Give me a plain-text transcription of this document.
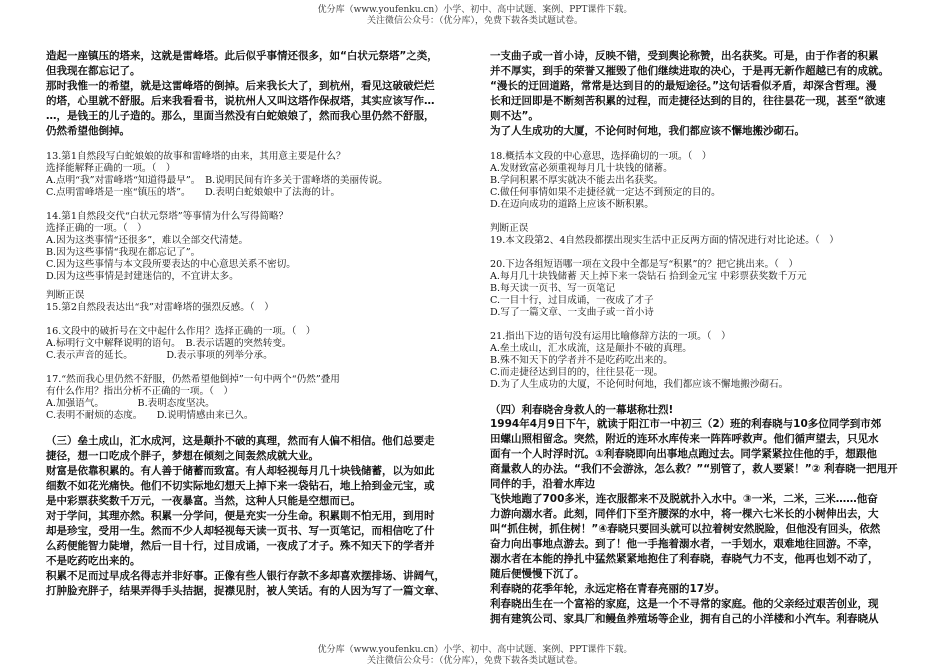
优分库（www.youfenku.cn）小学、初中、高中试题、案例、PPT课件下载。
关注微信公众号：（优分库），免费下载各类试题试卷。

造起一座镇压的塔来，这就是雷峰塔。此后似乎事情还很多，如“白状元祭塔”之类，

但我现在都忘记了。

那时我惟一的希望，就是这雷峰塔的倒掉。后来我长大了，到杭州，看见这破破烂烂

的塔，心里就不舒服。后来我看看书，说杭州人又叫这塔作保叔塔，其实应该写作…

…，是钱王的儿子造的。那么，里面当然没有白蛇娘娘了，然而我心里仍然不舒服，

仍然希望他倒掉。

13.第1自然段写白蛇娘娘的故事和雷峰塔的由来，其用意主要是什么？

选择能解释正确的一项。（　）

A.点明“我”对雷峰塔“知道得最早”。　B.说明民间有许多关于雷峰塔的美丽传说。

C.点明雷峰塔是一座“镇压的塔”。　　D.表明白蛇娘娘中了法海的计。

14.第1自然段交代“白状元祭塔”等事情为什么写得简略？

选择正确的一项。（　）

A.因为这类事情“还很多”，难以全部交代清楚。

B.因为这些事情“我现在都忘记了”。

C.因为这些事情与本文段所要表达的中心意思关系不密切。

D.因为这些事情是封建迷信的，不宜讲太多。

判断正误

15.第2自然段表达出“我”对雷峰塔的强烈反感。（　）

16.文段中的破折号在文中起什么作用？选择正确的一项。（　）

A.标明行文中解释说明的语句。　B.表示话题的突然转变。

C.表示声音的延长。　　　　D.表示事项的列举分承。

17.“然而我心里仍然不舒服，仍然希望他倒掉”一句中两个“仍然”叠用

有什么作用？指出分析不正确的一项。（　）

A.加强语气。　　　　B.表明态度坚决。

C.表明不耐烦的态度。　　D.说明情感由来已久。

（三）垒土成山，汇水成河，这是颠扑不破的真理，然而有人偏不相信。他们总要走

捷径，想一口吃成个胖子，梦想在倾刻之间轰然成就大业。

财富是依靠积累的。有人善于储蓄而致富。有人却轻视每月几十块钱储蓄，以为如此

细数不如花光痛快。他们不切实际地幻想天上掉下来一袋钻石，地上拾到金元宝，或

是中彩票获奖数千万元，一夜暴富。当然，这种人只能是空想而已。

对于学问，其理亦然。积累一分学问，便是充实一分生命。积累則不怕无用，到用时

却是珍宝，受用一生。然而不少人却轻视每天读一页书、写一页笔记，而相信吃了什

么药便能智力陡增，然后一目十行，过目成诵，一夜成了才子。殊不知天下的学者并

不是吃药吃出来的。

积累不足而过早成名得志并非好事。正像有些人银行存款不多却喜欢摆排场、讲阔气，

打肿脸充胖子，结果弄得手头拮据，捉襟见肘，被人笑话。有的人因为写了一篇文章、

一支曲子或一首小诗，反映不错，受到舆论称赞，出名获奖。可是，由于作者的积累

并不厚实，到手的荣誉又摧毁了他们继续进取的决心，于是再无新作超越已有的成就。

“漫长的迂回道路，常常是达到目的的最短途径。”这句话看似矛盾，却深含哲理。漫

长和迂回即是不断刻苦积累的过程，而走捷径达到的目的，往往昙花一现，甚至“欲速

则不达”。

为了人生成功的大厦，不论何时何地，我们都应该不懈地搬沙砌石。

18.概括本文段的中心意思，选择确切的一项。（　）

A.发财致富必须重视每月几十块钱的储蓄。

B.学问积累不厚实就决不能去出名获奖。

C.做任何事情如果不走捷径就一定达不到预定的目的。

D.在迈向成功的道路上应该不断积累。

判断正误

19.本文段第2、4自然段都摆出现实生活中正反两方面的情况进行对比论述。（　）

20.下边各组短语哪一项在文段中全都是写“积累”的？把它挑出来。（　）

A.每月几十块钱储蓄 天上掉下来一袋钻石 拾到金元宝 中彩票获奖数千万元

B.每天读一页书、写一页笔记

C.一目十行，过目成诵，一夜成了才子

D.写了一篇文章、一支曲子或一首小诗

21.指出下边的语句没有运用比喻修辞方法的一项。（　）

A.垒土成山，汇水成流，这是颠扑不破的真理。

B.殊不知天下的学者并不是吃药吃出来的。

C.而走捷径达到目的的，往往昙花一现。

D.为了人生成功的大厦，不论何时何地，我们都应该不懈地搬沙砌石。

（四）利春晓舍身救人的一幕堪称壮烈!

1994年4月9日下午，就读于阳江市一中初三（2）班的利春晓与10多位同学到市郊

田螺山照相留念。突然，附近的连环水库传来一阵阵呼救声。他们循声望去，只见水

面有一个人时浮时沉。①利春晓即向出事地点跑过去。同学紧紧拉住他的手，想跟他

商量救人的办法。“我们不会游泳，怎么救？”“别管了，救人要紧！”② 利春晓一把甩开同伴的手，沿着水库边

飞快地跑了700多米，连衣服都来不及脱就扑入水中。③一米，二米，三米……他奋

力游向溺水者。此刻，同伴们下至齐腰深的水中，将一棵六七米长的小树伸出去，大

叫“抓住树，抓住树！”④春晓只要回头就可以拉着树安然脱险，但他没有回头，依然

奋力向出事地点游去。到了！他一手拖着溺水者，一手划水，艰难地往回游。不幸，

溺水者在本能的挣扎中猛然紧紧地抱住了利春晓，春晓气力不支，他再也划不动了，

随后便慢慢下沉了。

利春晓的花季年轮，永远定格在青春亮丽的17岁。

利春晓出生在一个富裕的家庭，这是一个不寻常的家庭。他的父亲经过艰苦创业，现

拥有建筑公司、家具厂和鳗鱼养殖场等企业，拥有自己的小洋楼和小汽车。利春晓从

优分库（www.youfenku.cn）小学、初中、高中试题、案例、PPT课件下载。
关注微信公众号：（优分库），免费下载各类试题试卷。
